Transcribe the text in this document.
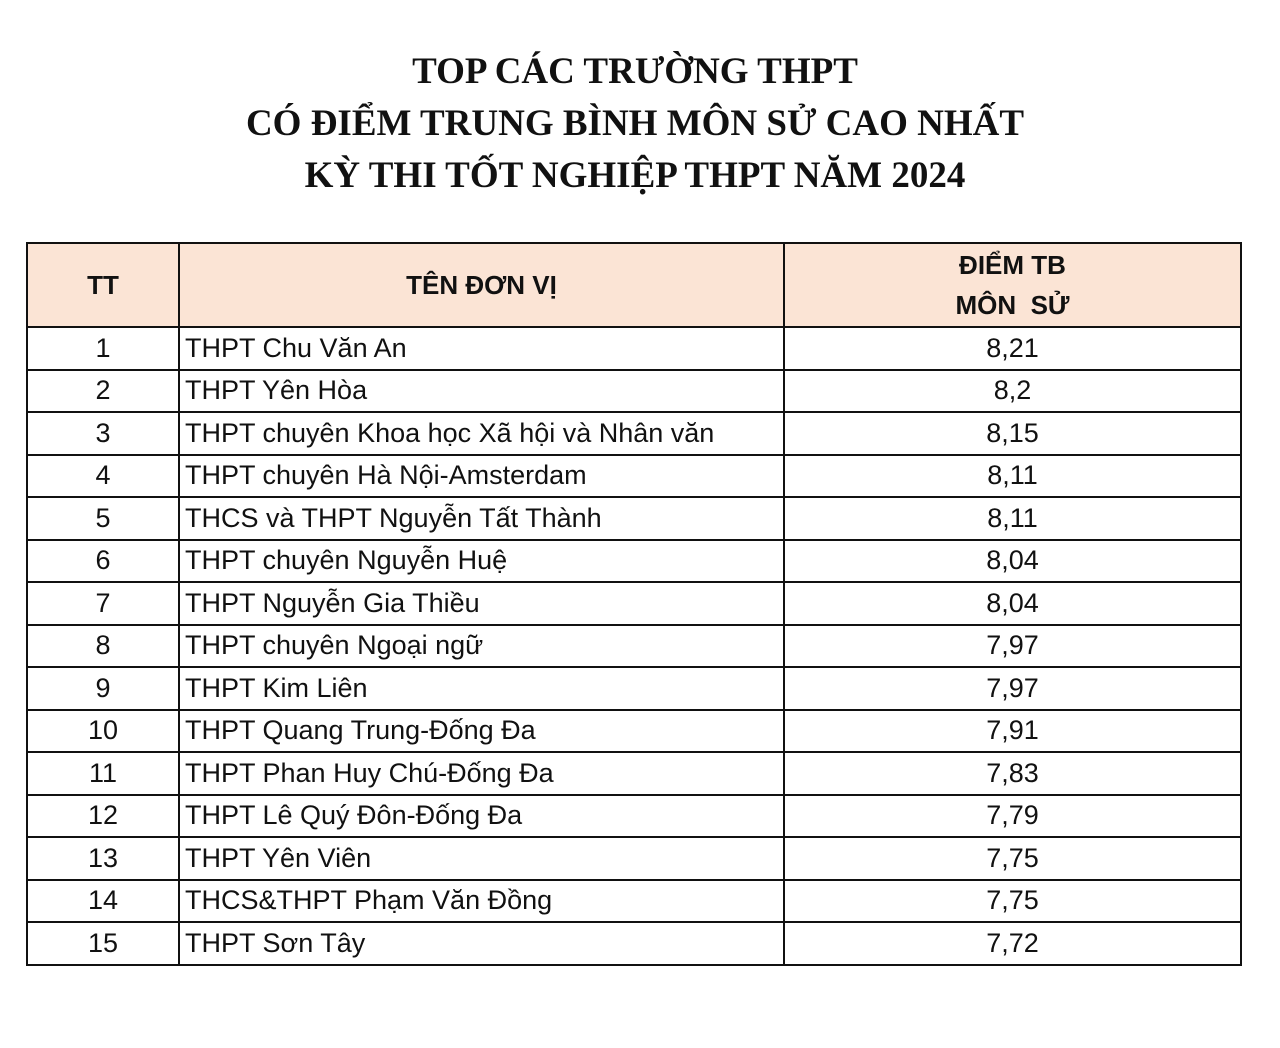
TOP CÁC TRƯỜNG THPT
CÓ ĐIỂM TRUNG BÌNH MÔN SỬ CAO NHẤT
KỲ THI TỐT NGHIỆP THPT NĂM 2024
TT	TÊN ĐƠN VỊ	ĐIỂM TB
MÔN  SỬ

1	THPT Chu Văn An	8,21
2	THPT Yên Hòa	8,2
3	THPT chuyên Khoa học Xã hội và Nhân văn	8,15
4	THPT chuyên Hà Nội-Amsterdam	8,11
5	THCS và THPT Nguyễn Tất Thành	8,11
6	THPT chuyên Nguyễn Huệ	8,04
7	THPT Nguyễn Gia Thiều	8,04
8	THPT chuyên Ngoại ngữ	7,97
9	THPT Kim Liên	7,97
10	THPT Quang Trung-Đống Đa	7,91
11	THPT Phan Huy Chú-Đống Đa	7,83
12	THPT Lê Quý Đôn-Đống Đa	7,79
13	THPT Yên Viên	7,75
14	THCS&THPT Phạm Văn Đồng	7,75
15	THPT Sơn Tây	7,72
